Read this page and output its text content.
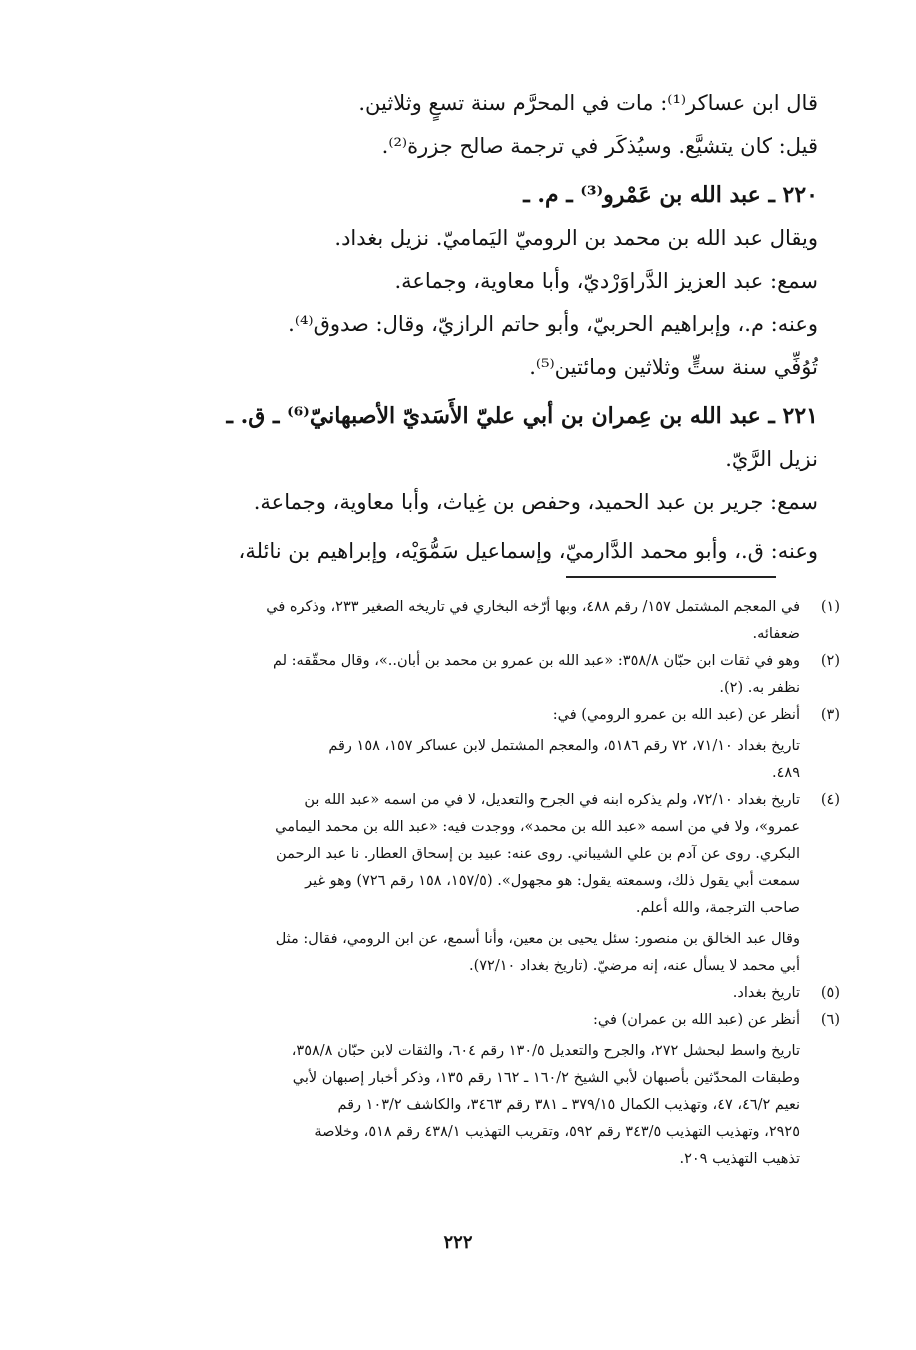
قال ابن عساكر⁽¹⁾: مات في المحرَّم سنة تسعٍ وثلاثين.
قيل: كان يتشيَّع. وسيُذكَر في ترجمة صالح جزرة⁽²⁾.
٢٢٠ ـ عبد الله بن عَمْرو⁽³⁾ ـ م. ـ
ويقال عبد الله بن محمد بن الروميّ اليَماميّ. نزيل بغداد.
سمع: عبد العزيز الدَّراوَرْديّ، وأبا معاوية، وجماعة.
وعنه: م.، وإبراهيم الحربيّ، وأبو حاتم الرازيّ، وقال: صدوق⁽⁴⁾.
تُوُفِّي سنة ستٍّ وثلاثين ومائتين⁽⁵⁾.
٢٢١ ـ عبد الله بن عِمران بن أبي عليّ الأَسَديّ الأصبهانيّ⁽⁶⁾ ـ ق. ـ
نزيل الرَّيّ.
سمع: جرير بن عبد الحميد، وحفص بن غِياث، وأبا معاوية، وجماعة.
وعنه: ق.، وأبو محمد الدَّارميّ، وإسماعيل سَمُّوَيْه، وإبراهيم بن نائلة،
(١)
في المعجم المشتمل ١٥٧/ رقم ٤٨٨، وبها أرّخه البخاري في تاريخه الصغير ٢٣٣، وذكره في
ضعفائه.
(٢)
وهو في ثقات ابن حبّان ٣٥٨/٨: «عبد الله بن عمرو بن محمد بن أبان..»، وقال محقّقه: لم
نظفر به. (٢).
(٣)
أنظر عن (عبد الله بن عمرو الرومي) في:
تاريخ بغداد ٧١/١٠، ٧٢ رقم ٥١٨٦، والمعجم المشتمل لابن عساكر ١٥٧، ١٥٨ رقم
٤٨٩.
(٤)
تاريخ بغداد ٧٢/١٠، ولم يذكره ابنه في الجرح والتعديل، لا في من اسمه «عبد الله بن
عمرو»، ولا في من اسمه «عبد الله بن محمد»، ووجدت فيه: «عبد الله بن محمد اليمامي
البكري. روى عن آدم بن علي الشيباني. روى عنه: عبيد بن إسحاق العطار. نا عبد الرحمن
سمعت أبي يقول ذلك، وسمعته يقول: هو مجهول». (١٥٧/٥، ١٥٨ رقم ٧٢٦) وهو غير
صاحب الترجمة، والله أعلم.
وقال عبد الخالق بن منصور: سئل يحيى بن معين، وأنا أسمع، عن ابن الرومي، فقال: مثل
أبي محمد لا يسأل عنه، إنه مرضيّ. (تاريخ بغداد ٧٢/١٠).
(٥)
تاريخ بغداد.
(٦)
أنظر عن (عبد الله بن عمران) في:
تاريخ واسط لبحشل ٢٧٢، والجرح والتعديل ١٣٠/٥ رقم ٦٠٤، والثقات لابن حبّان ٣٥٨/٨،
وطبقات المحدّثين بأصبهان لأبي الشيخ ١٦٠/٢ ـ ١٦٢ رقم ١٣٥، وذكر أخبار إصبهان لأبي
نعيم ٤٦/٢، ٤٧، وتهذيب الكمال ٣٧٩/١٥ ـ ٣٨١ رقم ٣٤٦٣، والكاشف ١٠٣/٢ رقم
٢٩٢٥، وتهذيب التهذيب ٣٤٣/٥ رقم ٥٩٢، وتقريب التهذيب ٤٣٨/١ رقم ٥١٨، وخلاصة
تذهيب التهذيب ٢٠٩.
٢٢٢
